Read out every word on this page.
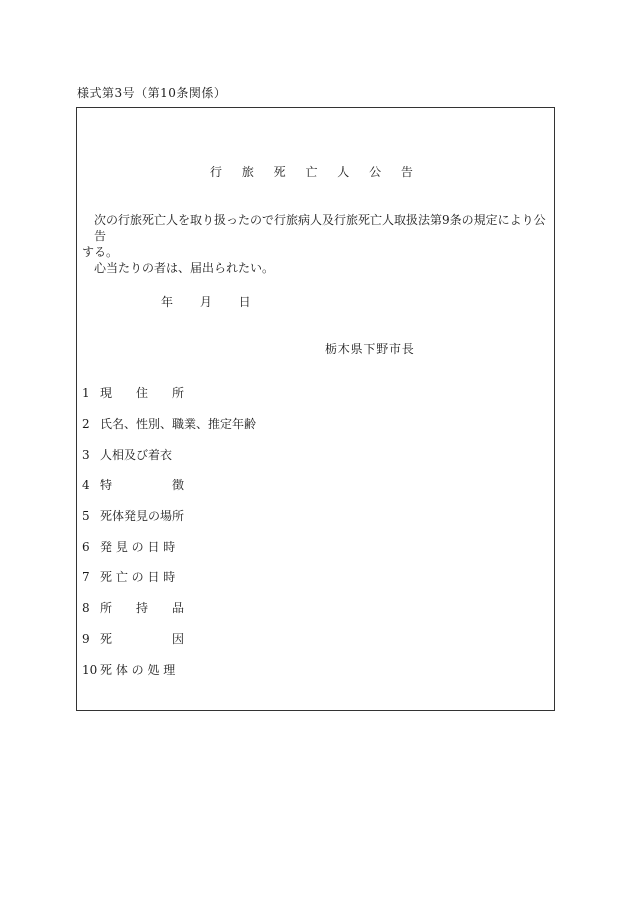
様式第3号（第10条関係）
行 旅 死 亡 人 公 告
次の行旅死亡人を取り扱ったので行旅病人及行旅死亡人取扱法第9条の規定により公告
する。
心当たりの者は、届出られたい。
年 月 日
栃木県下野市長
1 現　　住　　所
2 氏名、性別、職業、推定年齢
3 人相及び着衣
4 特　　　　　徴
5 死体発見の場所
6 発 見 の 日 時
7 死 亡 の 日 時
8 所　　持　　品
9 死　　　　　因
10 死 体 の 処 理
